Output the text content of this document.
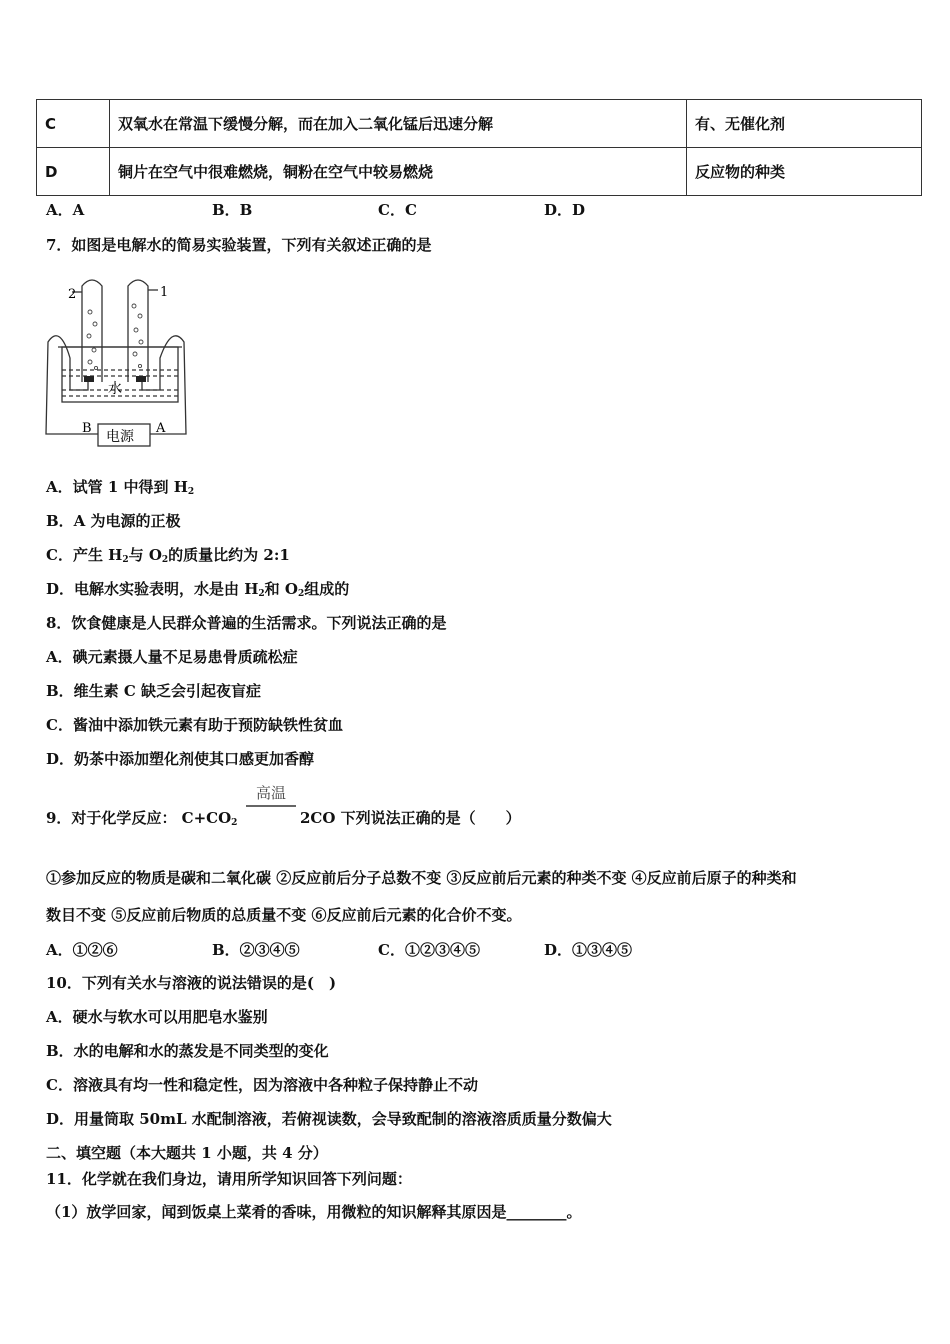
C	双氧水在常温下缓慢分解，而在加入二氧化锰后迅速分解	有、无催化剂
D	铜片在空气中很难燃烧，铜粉在空气中较易燃烧	反应物的种类
A．A	B．B	C．C	D．D
7．如图是电解水的简易实验装置，下列有关叙述正确的是
2	1
水
B	A
电源
A．试管 1 中得到 $H_2$
B．A 为电源的正极
C．产生 $H_2$与 $O_2$的质量比约为 2:1
D．电解水实验表明，水是由 $H_2$和 $O_2$组成的
8．饮食健康是人民群众普遍的生活需求。下列说法正确的是
A．碘元素摄人量不足易患骨质疏松症
B．维生素 C 缺乏会引起夜盲症
C．酱油中添加铁元素有助于预防缺铁性贫血
D．奶茶中添加塑化剂使其口感更加香醇
高温
9．对于化学反应： $C+CO_2$	2CO 下列说法正确的是（　　）
①参加反应的物质是碳和二氧化碳 ②反应前后分子总数不变 ③反应前后元素的种类不变 ④反应前后原子的种类和
数目不变 ⑤反应前后物质的总质量不变 ⑥反应前后元素的化合价不变。
A．①②⑥	B．②③④⑤	C．①②③④⑤	D．①③④⑤
10．下列有关水与溶液的说法错误的是(　)
A．硬水与软水可以用肥皂水鉴别
B．水的电解和水的蒸发是不同类型的变化
C．溶液具有均一性和稳定性，因为溶液中各种粒子保持静止不动
D．用量筒取 50mL 水配制溶液，若俯视读数，会导致配制的溶液溶质质量分数偏大
二、填空题（本大题共 1 小题，共 4 分）
11．化学就在我们身边，请用所学知识回答下列问题：
（1）放学回家，闻到饭桌上菜肴的香味，用微粒的知识解释其原因是________。
